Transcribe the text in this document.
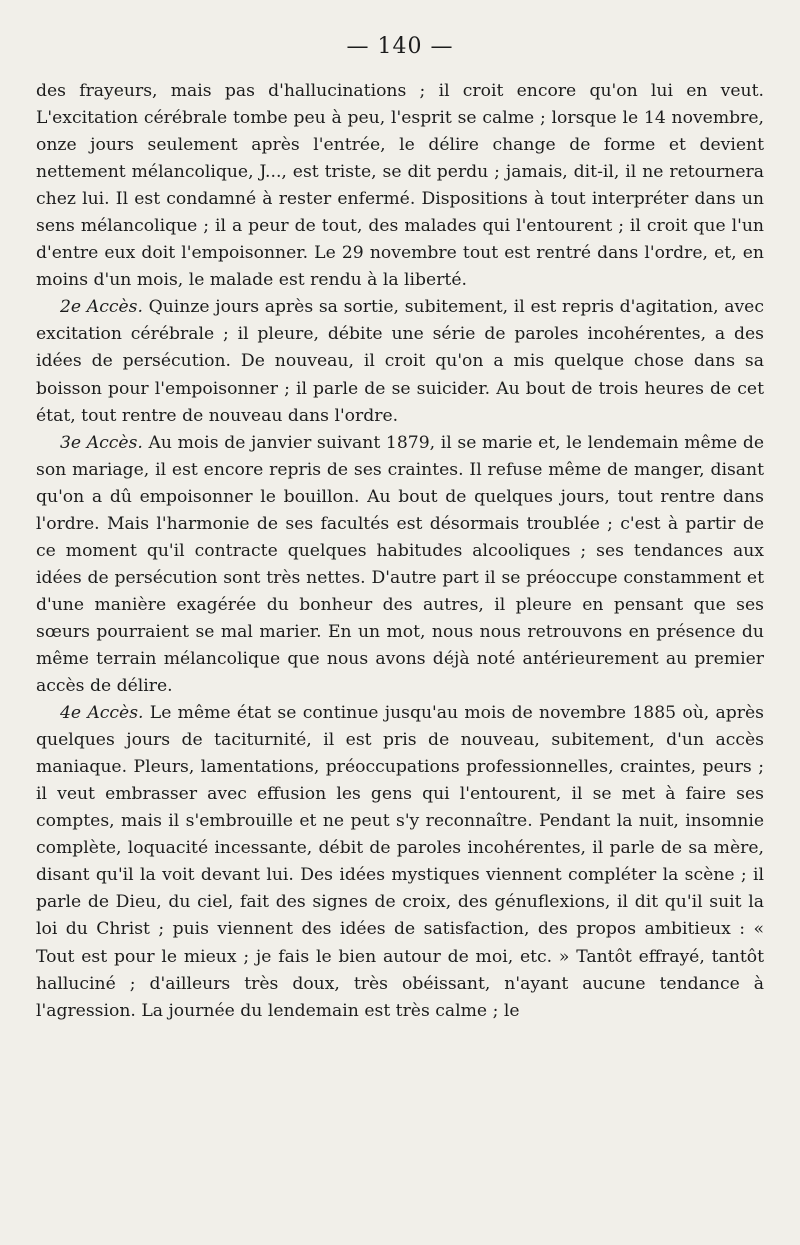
— 140 —

des frayeurs, mais pas d'hallucinations ; il croit encore qu'on lui en veut. L'excitation cérébrale tombe peu à peu, l'esprit se calme ; lorsque le 14 novembre, onze jours seulement après l'entrée, le délire change de forme et devient nettement mélancolique, J..., est triste, se dit perdu ; jamais, dit-il, il ne retournera chez lui. Il est condamné à rester enfermé. Dispositions à tout interpréter dans un sens mélancolique ; il a peur de tout, des malades qui l'entourent ; il croit que l'un d'entre eux doit l'empoisonner. Le 29 novembre tout est rentré dans l'ordre, et, en moins d'un mois, le malade est rendu à la liberté.

2e Accès. Quinze jours après sa sortie, subitement, il est repris d'agitation, avec excitation cérébrale ; il pleure, débite une série de paroles incohérentes, a des idées de persécution. De nouveau, il croit qu'on a mis quelque chose dans sa boisson pour l'empoisonner ; il parle de se suicider. Au bout de trois heures de cet état, tout rentre de nouveau dans l'ordre.

3e Accès. Au mois de janvier suivant 1879, il se marie et, le lendemain même de son mariage, il est encore repris de ses craintes. Il refuse même de manger, disant qu'on a dû empoisonner le bouillon. Au bout de quelques jours, tout rentre dans l'ordre. Mais l'harmonie de ses facultés est désormais troublée ; c'est à partir de ce moment qu'il contracte quelques habitudes alcooliques ; ses tendances aux idées de persécution sont très nettes. D'autre part il se préoccupe constamment et d'une manière exagérée du bonheur des autres, il pleure en pensant que ses sœurs pourraient se mal marier. En un mot, nous nous retrouvons en présence du même terrain mélancolique que nous avons déjà noté antérieurement au premier accès de délire.

4e Accès. Le même état se continue jusqu'au mois de novembre 1885 où, après quelques jours de taciturnité, il est pris de nouveau, subitement, d'un accès maniaque. Pleurs, lamentations, préoccupations professionnelles, craintes, peurs ; il veut embrasser avec effusion les gens qui l'entourent, il se met à faire ses comptes, mais il s'embrouille et ne peut s'y reconnaître. Pendant la nuit, insomnie complète, loquacité incessante, débit de paroles incohérentes, il parle de sa mère, disant qu'il la voit devant lui. Des idées mystiques viennent compléter la scène ; il parle de Dieu, du ciel, fait des signes de croix, des génuflexions, il dit qu'il suit la loi du Christ ; puis viennent des idées de satisfaction, des propos ambitieux : « Tout est pour le mieux ; je fais le bien autour de moi, etc. » Tantôt effrayé, tantôt halluciné ; d'ailleurs très doux, très obéissant, n'ayant aucune tendance à l'agression. La journée du lendemain est très calme ; le
